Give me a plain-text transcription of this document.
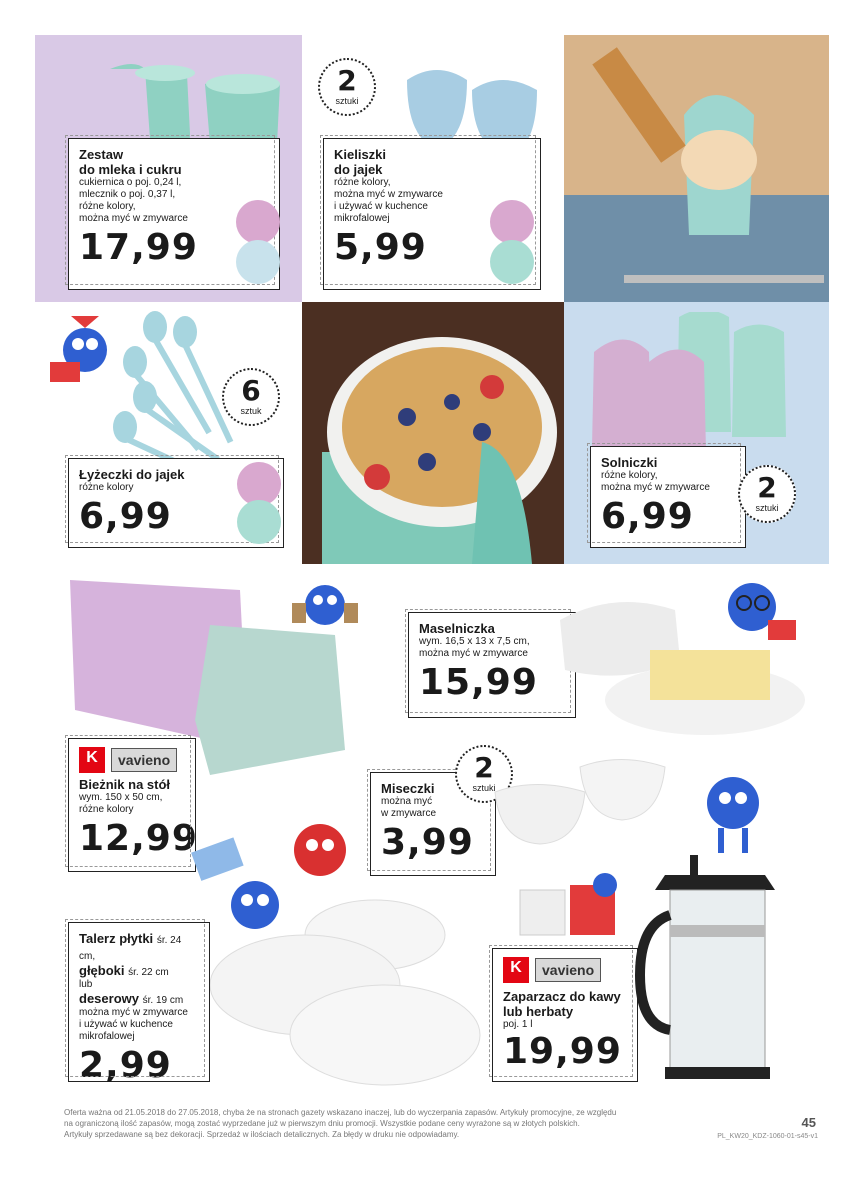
Zestaw
do mleka i cukru
cukiernica o poj. 0,24 l,
mlecznik o poj. 0,37 l,
różne kolory,
można myć w zmywarce
17,99
2
sztuki
Kieliszki
do jajek
różne kolory,
można myć w zmywarce
i używać w kuchence
mikrofalowej
5,99
6
sztuk
Łyżeczki do jajek
różne kolory
6,99
Solniczki
różne kolory,
można myć w zmywarce
6,99
2
sztuki
Maselniczka
wym. 16,5 x 13 x 7,5 cm,
można myć w zmywarce
15,99
K	vavieno
Bieżnik na stół
wym. 150 x 50 cm,
różne kolory
12,99
Miseczki
można myć
w zmywarce
3,99
2
sztuki
Talerz płytki śr. 24 cm,
głęboki śr. 22 cm
lub
deserowy śr. 19 cm
można myć w zmywarce
i używać w kuchence
mikrofalowej
2,99
K	vavieno
Zaparzacz do kawy
lub herbaty
poj. 1 l
19,99
Oferta ważna od 21.05.2018 do 27.05.2018, chyba że na stronach gazety wskazano inaczej, lub do wyczerpania zapasów. Artykuły promocyjne, ze względu
na ograniczoną ilość zapasów, mogą zostać wyprzedane już w pierwszym dniu promocji. Wszystkie podane ceny wyrażone są w złotych polskich.
Artykuły sprzedawane są bez dekoracji. Sprzedaż w ilościach detalicznych. Za błędy w druku nie odpowiadamy.
45
PL_KW20_KDZ-1060-01-s45-v1
